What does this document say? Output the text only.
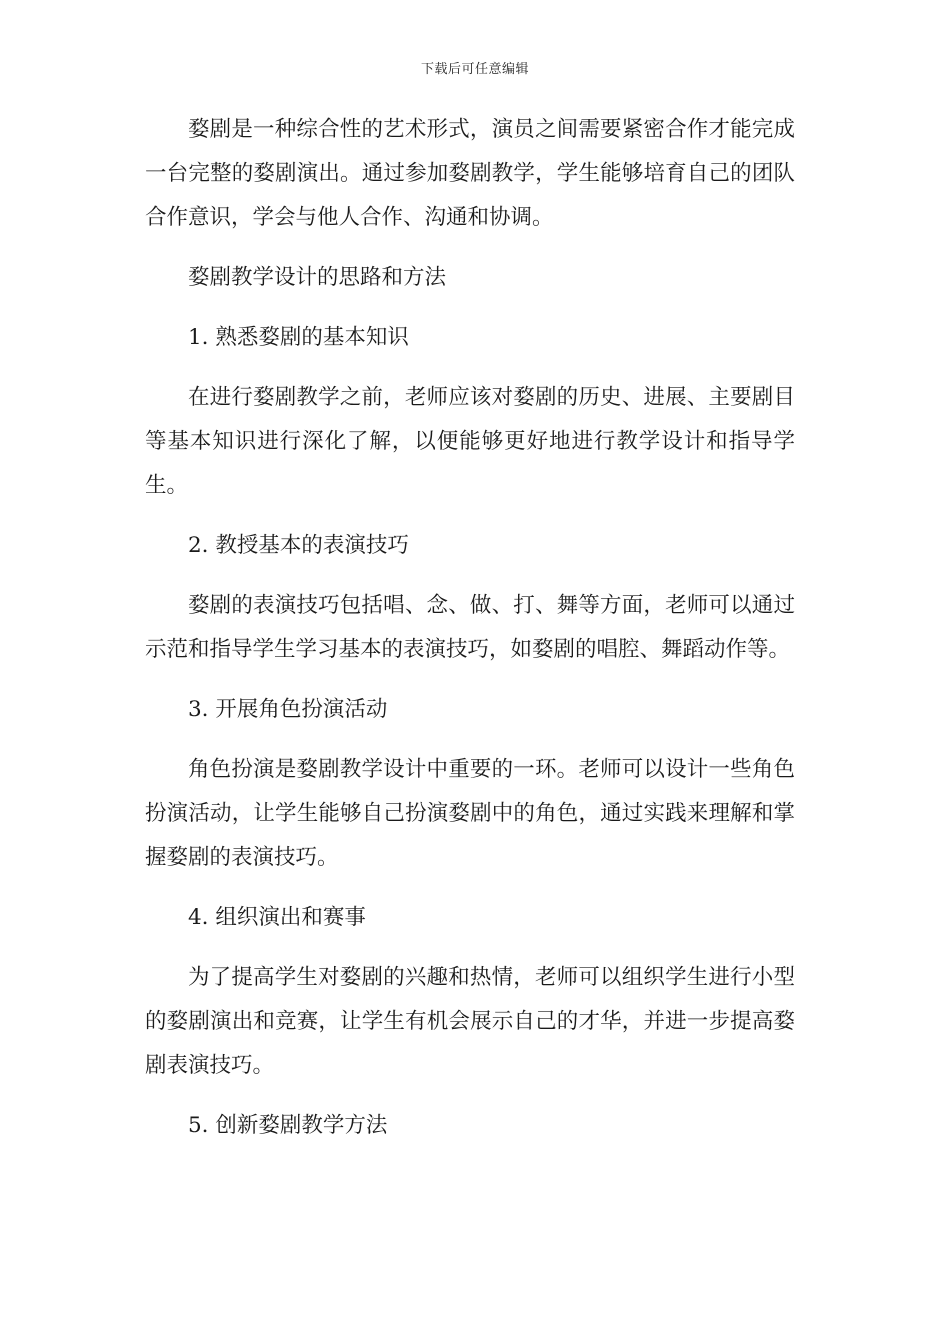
下载后可任意编辑

婺剧是一种综合性的艺术形式，演员之间需要紧密合作才能完成一台完整的婺剧演出。通过参加婺剧教学，学生能够培育自己的团队合作意识，学会与他人合作、沟通和协调。

婺剧教学设计的思路和方法
1. 熟悉婺剧的基本知识

在进行婺剧教学之前，老师应该对婺剧的历史、进展、主要剧目等基本知识进行深化了解，以便能够更好地进行教学设计和指导学生。

2. 教授基本的表演技巧

婺剧的表演技巧包括唱、念、做、打、舞等方面，老师可以通过示范和指导学生学习基本的表演技巧，如婺剧的唱腔、舞蹈动作等。

3. 开展角色扮演活动

角色扮演是婺剧教学设计中重要的一环。老师可以设计一些角色扮演活动，让学生能够自己扮演婺剧中的角色，通过实践来理解和掌握婺剧的表演技巧。

4. 组织演出和赛事

为了提高学生对婺剧的兴趣和热情，老师可以组织学生进行小型的婺剧演出和竞赛，让学生有机会展示自己的才华，并进一步提高婺剧表演技巧。

5. 创新婺剧教学方法
